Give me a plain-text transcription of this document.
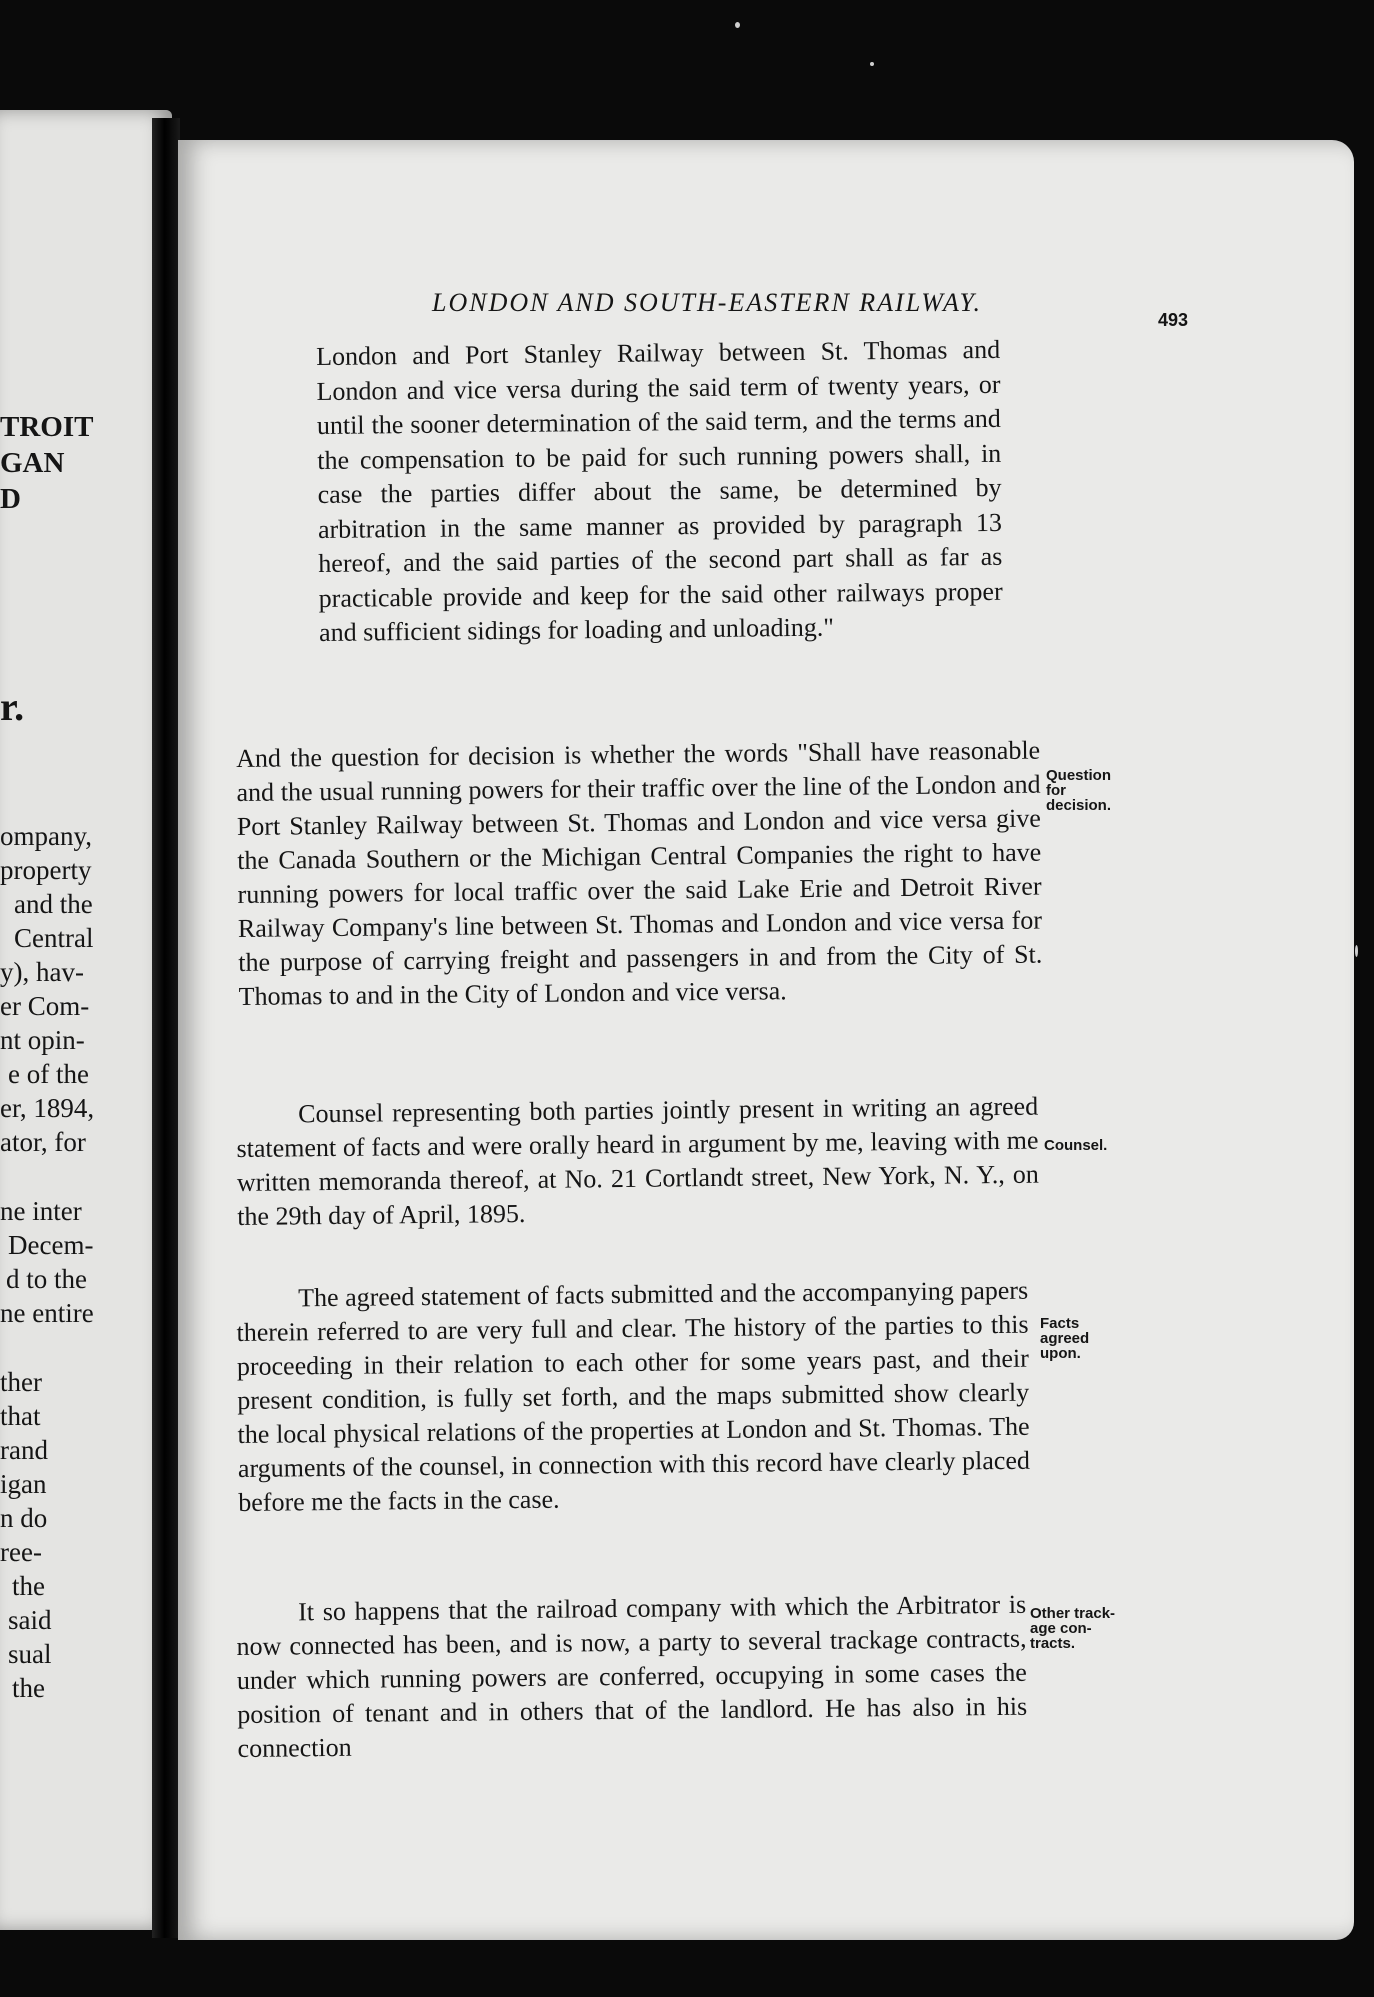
TROIT
GAN
D
r.
ompany,
property
and the
Central
y), hav-
er Com-
nt opin-
e of the
er, 1894,
ator, for
ne inter
Decem-
d to the
ne entire
ther
that
rand
igan
n do
ree-
the
said
sual
the
LONDON AND SOUTH-EASTERN RAILWAY.
493
London and Port Stanley Railway between St. Thomas and London and vice versa during the said term of twenty years, or until the sooner determination of the said term, and the terms and the compensation to be paid for such running powers shall, in case the parties differ about the same, be determined by arbitration in the same manner as provided by paragraph 13 hereof, and the said parties of the second part shall as far as practicable provide and keep for the said other railways proper and sufficient sidings for loading and unloading."

And the question for decision is whether the words "Shall have reasonable and the usual running powers for their traffic over the line of the London and Port Stanley Railway between St. Thomas and London and vice versa give the Canada Southern or the Michigan Central Companies the right to have running powers for local traffic over the said Lake Erie and Detroit River Railway Company's line between St. Thomas and London and vice versa for the purpose of carrying freight and passengers in and from the City of St. Thomas to and in the City of London and vice versa.

Counsel representing both parties jointly present in writing an agreed statement of facts and were orally heard in argument by me, leaving with me written memoranda thereof, at No. 21 Cortlandt street, New York, N. Y., on the 29th day of April, 1895.

The agreed statement of facts submitted and the accompanying papers therein referred to are very full and clear. The history of the parties to this proceeding in their relation to each other for some years past, and their present condition, is fully set forth, and the maps submitted show clearly the local physical relations of the properties at London and St. Thomas. The arguments of the counsel, in connection with this record have clearly placed before me the facts in the case.

It so happens that the railroad company with which the Arbitrator is now connected has been, and is now, a party to several trackage contracts, under which running powers are conferred, occupying in some cases the position of tenant and in others that of the landlord. He has also in his connection

Question
for
decision.
Counsel.
Facts
agreed
upon.
Other track-
age con-
tracts.
